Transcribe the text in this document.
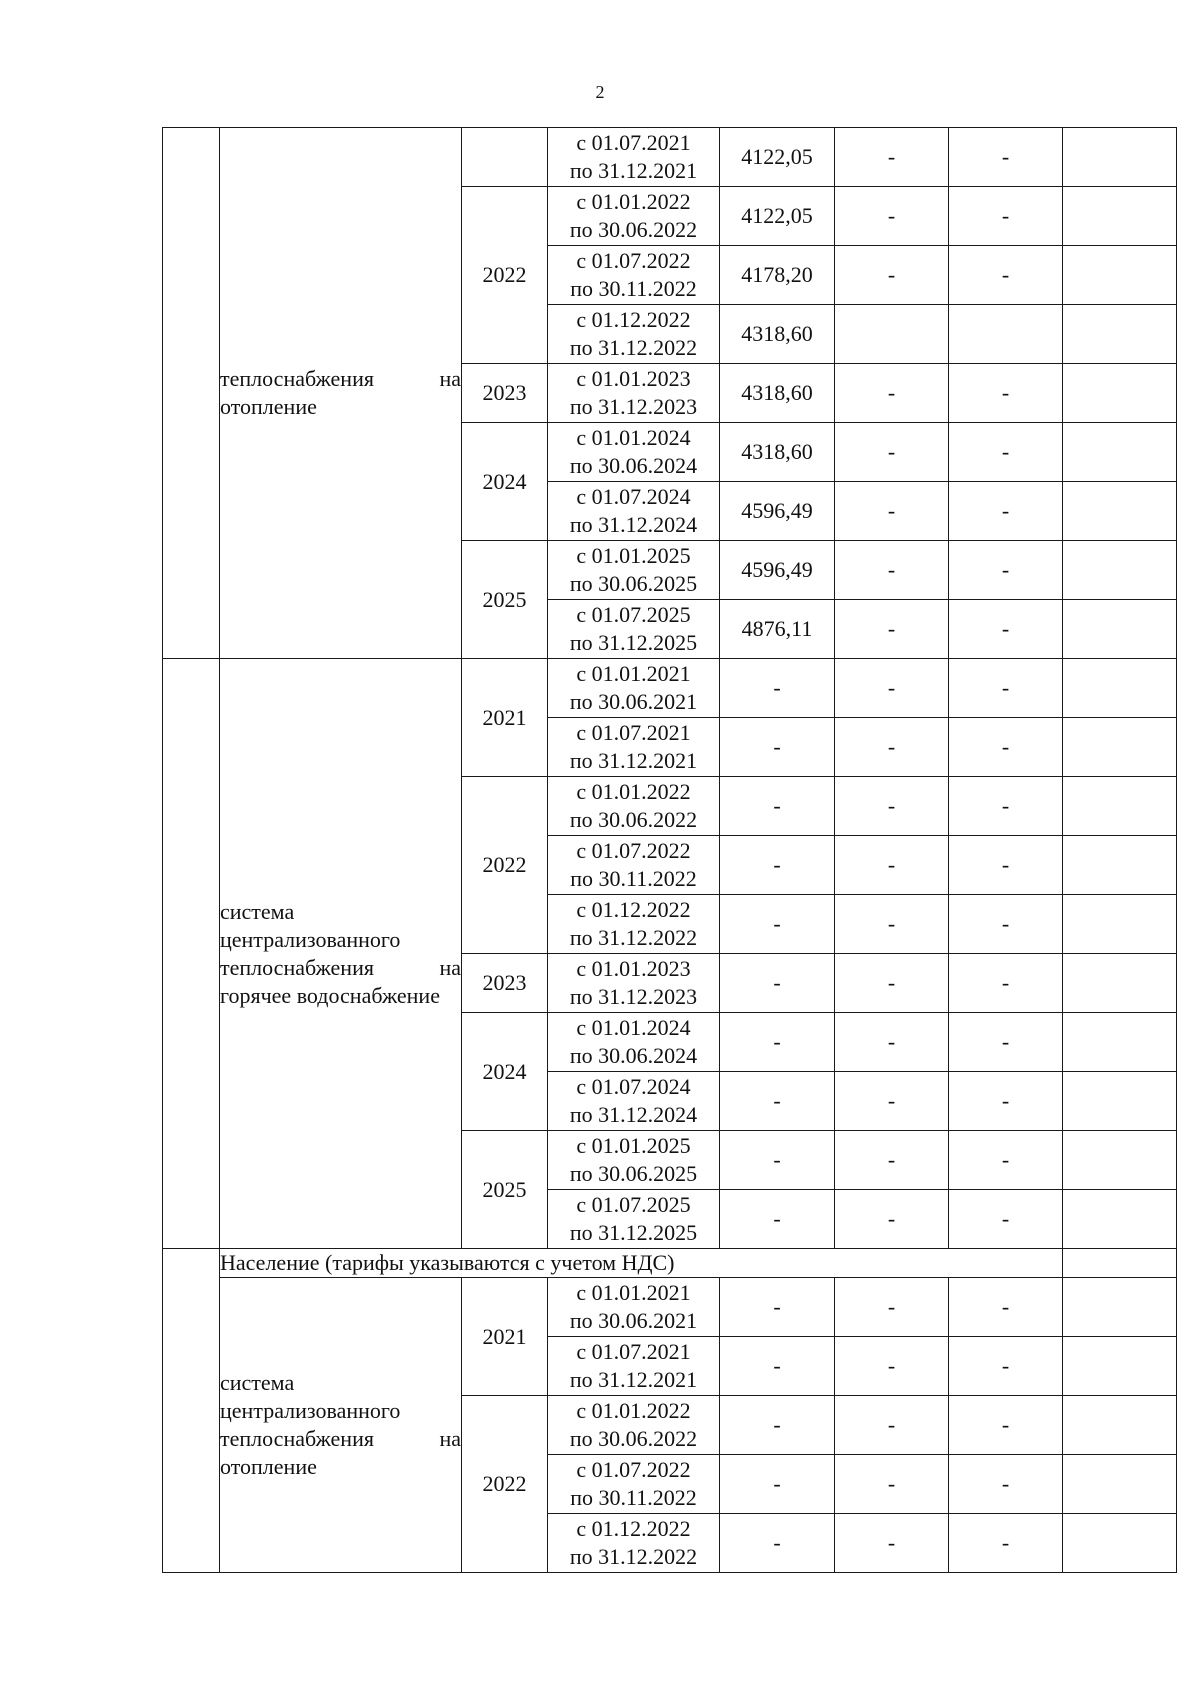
2
	теплоснабжения на отопление		с 01.07.2021
по 31.12.2021	4122,05	-	-	
		2022	с 01.01.2022
по 30.06.2022	4122,05	-	-	

			с 01.07.2022
по 30.11.2022	4178,20	-	-	

			с 01.12.2022
по 31.12.2022	4318,60			
		2023	с 01.01.2023
по 31.12.2023	4318,60	-	-	
		2024	с 01.01.2024
по 30.06.2024	4318,60	-	-	

			с 01.07.2024
по 31.12.2024	4596,49	-	-	
		2025	с 01.01.2025
по 30.06.2025	4596,49	-	-	

			с 01.07.2025
по 31.12.2025	4876,11	-	-	
	система централизованного теплоснабжения на горячее водоснабжение	2021	с 01.01.2021
по 30.06.2021	-	-	-	

			с 01.07.2021
по 31.12.2021	-	-	-	
		2022	с 01.01.2022
по 30.06.2022	-	-	-	

			с 01.07.2022
по 30.11.2022	-	-	-	

			с 01.12.2022
по 31.12.2022	-	-	-	
		2023	с 01.01.2023
по 31.12.2023	-	-	-	
		2024	с 01.01.2024
по 30.06.2024	-	-	-	

			с 01.07.2024
по 31.12.2024	-	-	-	
		2025	с 01.01.2025
по 30.06.2025	-	-	-	

			с 01.07.2025
по 31.12.2025	-	-	-	
	Население (тарифы указываются с учетом НДС)						
	система централизованного теплоснабжения на отопление	2021	с 01.01.2021
по 30.06.2021	-	-	-	

			с 01.07.2021
по 31.12.2021	-	-	-	
		2022	с 01.01.2022
по 30.06.2022	-	-	-	

			с 01.07.2022
по 30.11.2022	-	-	-	

			с 01.12.2022
по 31.12.2022	-	-	-	
